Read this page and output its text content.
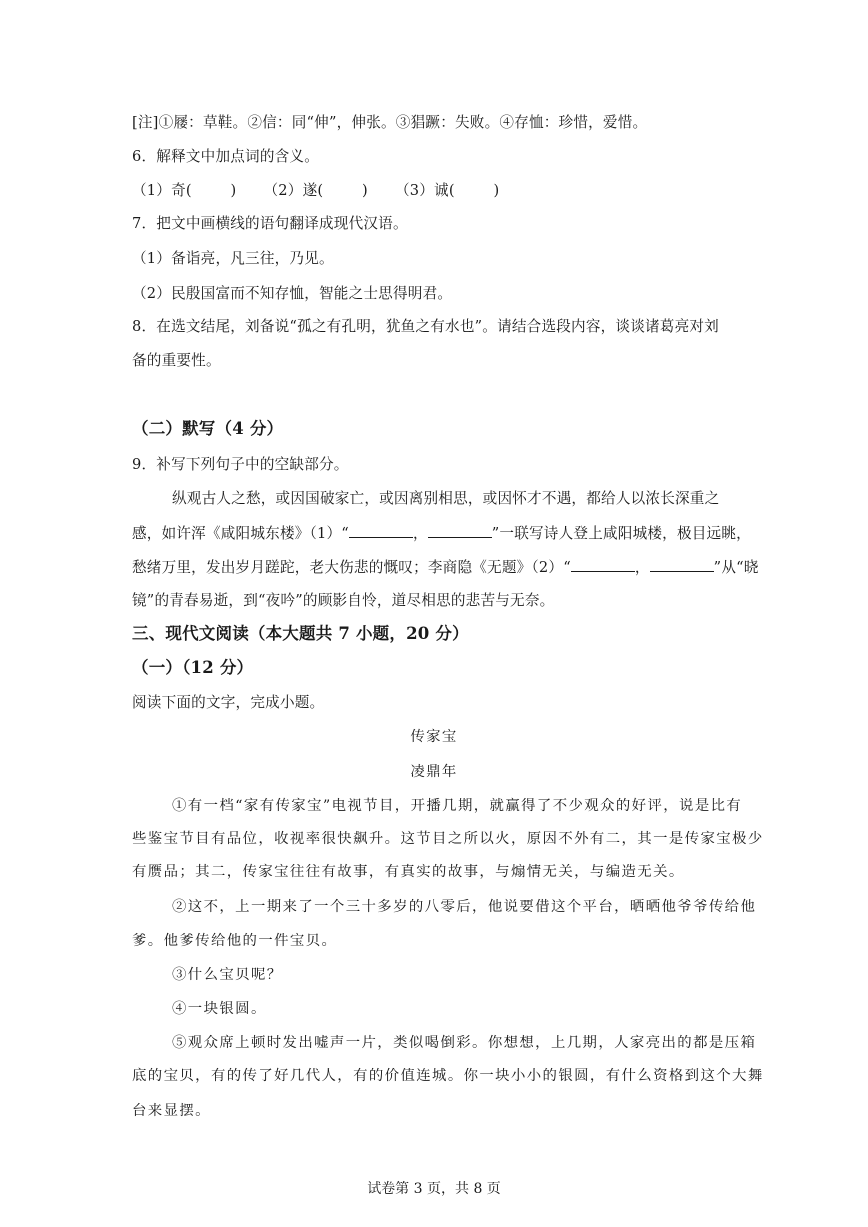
[注]①屦：草鞋。②信：同“伸”，伸张。③猖蹶：失败。④存恤：珍惜，爱惜。
6．解释文中加点词的含义。
（1）奇(        ) 　　（2）遂(        ) 　　（3）诚(        )
7．把文中画横线的语句翻译成现代汉语。
（1）备诣亮，凡三往，乃见。
（2）民殷国富而不知存恤，智能之士思得明君。
8．在选文结尾，刘备说“孤之有孔明，犹鱼之有水也”。请结合选段内容，谈谈诸葛亮对刘
备的重要性。
（二）默写（4 分）
9．补写下列句子中的空缺部分。
纵观古人之愁，或因国破家亡，或因离别相思，或因怀才不遇，都给人以浓长深重之
感，如许浑《咸阳城东楼》（1）“	，	”一联写诗人登上咸阳城楼，极目远眺，
愁绪万里，发出岁月蹉跎，老大伤悲的慨叹；李商隐《无题》（2）“	，	”从“晓
镜”的青春易逝，到“夜吟”的顾影自怜，道尽相思的悲苦与无奈。
三、现代文阅读（本大题共 7 小题，20 分）
（一）（12 分）
阅读下面的文字，完成小题。
传家宝
凌鼎年
①有一档“家有传家宝”电视节目，开播几期，就赢得了不少观众的好评，说是比有
些鉴宝节目有品位，收视率很快飙升。这节目之所以火，原因不外有二，其一是传家宝极少
有赝品；其二，传家宝往往有故事，有真实的故事，与煽情无关，与编造无关。
②这不，上一期来了一个三十多岁的八零后，他说要借这个平台，晒晒他爷爷传给他
爹。他爹传给他的一件宝贝。
③什么宝贝呢？
④一块银圆。
⑤观众席上顿时发出嘘声一片，类似喝倒彩。你想想，上几期，人家亮出的都是压箱
底的宝贝，有的传了好几代人，有的价值连城。你一块小小的银圆，有什么资格到这个大舞
台来显摆。
试卷第 3 页，共 8 页
